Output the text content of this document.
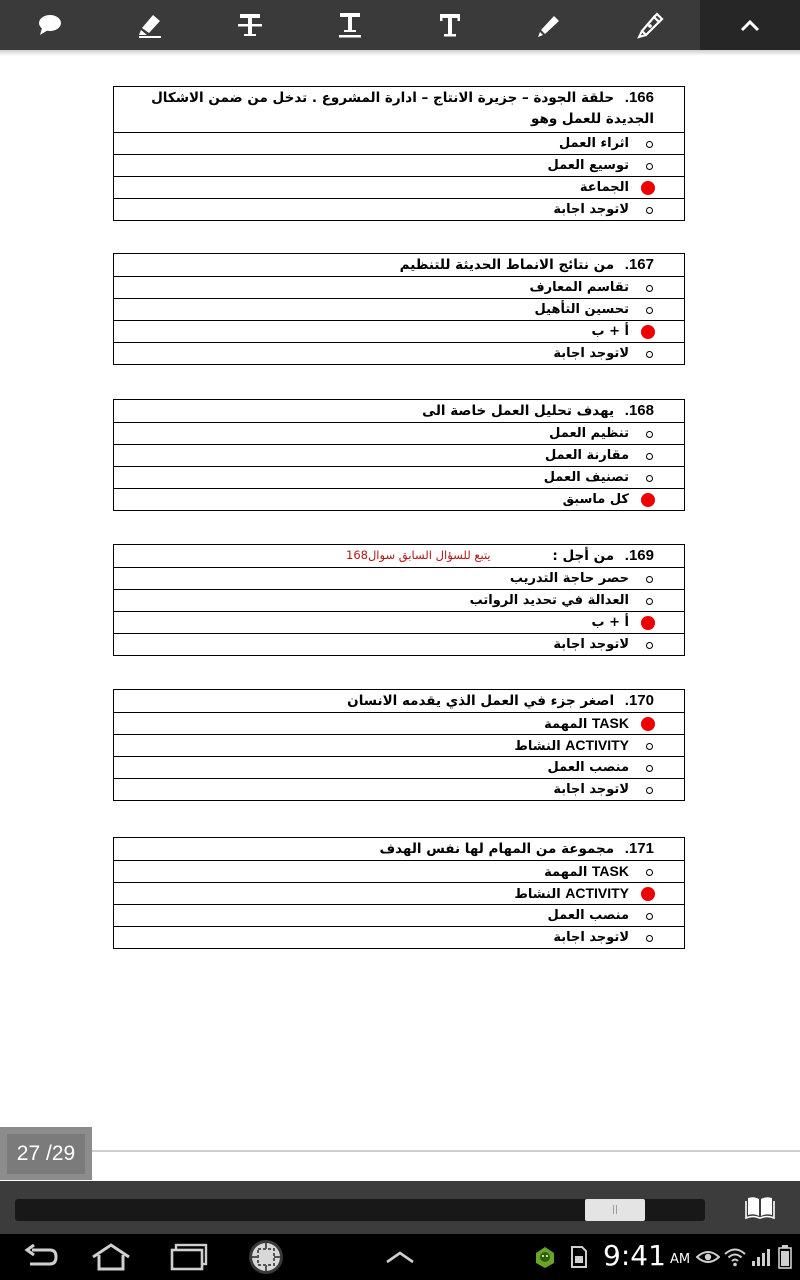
166. حلقة الجودة – جزيرة الانتاج – ادارة المشروع . تدخل من ضمن الاشكال الجديدة للعمل وهو
اثراء العمل
توسيع العمل
الجماعة
لاتوجد اجابة
167. من نتائج الانماط الحديثة للتنظيم
تقاسم المعارف
تحسين التأهيل
أ + ب
لاتوجد اجابة
168. يهدف تحليل العمل خاصة الى
تنظيم العمل
مقارنة العمل
تصنيف العمل
كل ماسبق
169. من أجل :
يتبع للسؤال السابق سوال168
حصر حاجة التدريب
العدالة في تحديد الرواتب
أ + ب
لاتوجد اجابة
170. اصغر جزء في العمل الذي يقدمه الانسان
TASK المهمة
ACTIVITY النشاط
منصب العمل
لاتوجد اجابة
171. مجموعة من المهام لها نفس الهدف
TASK المهمة
ACTIVITY النشاط
منصب العمل
لاتوجد اجابة
27 /29
||
9:41 AM
